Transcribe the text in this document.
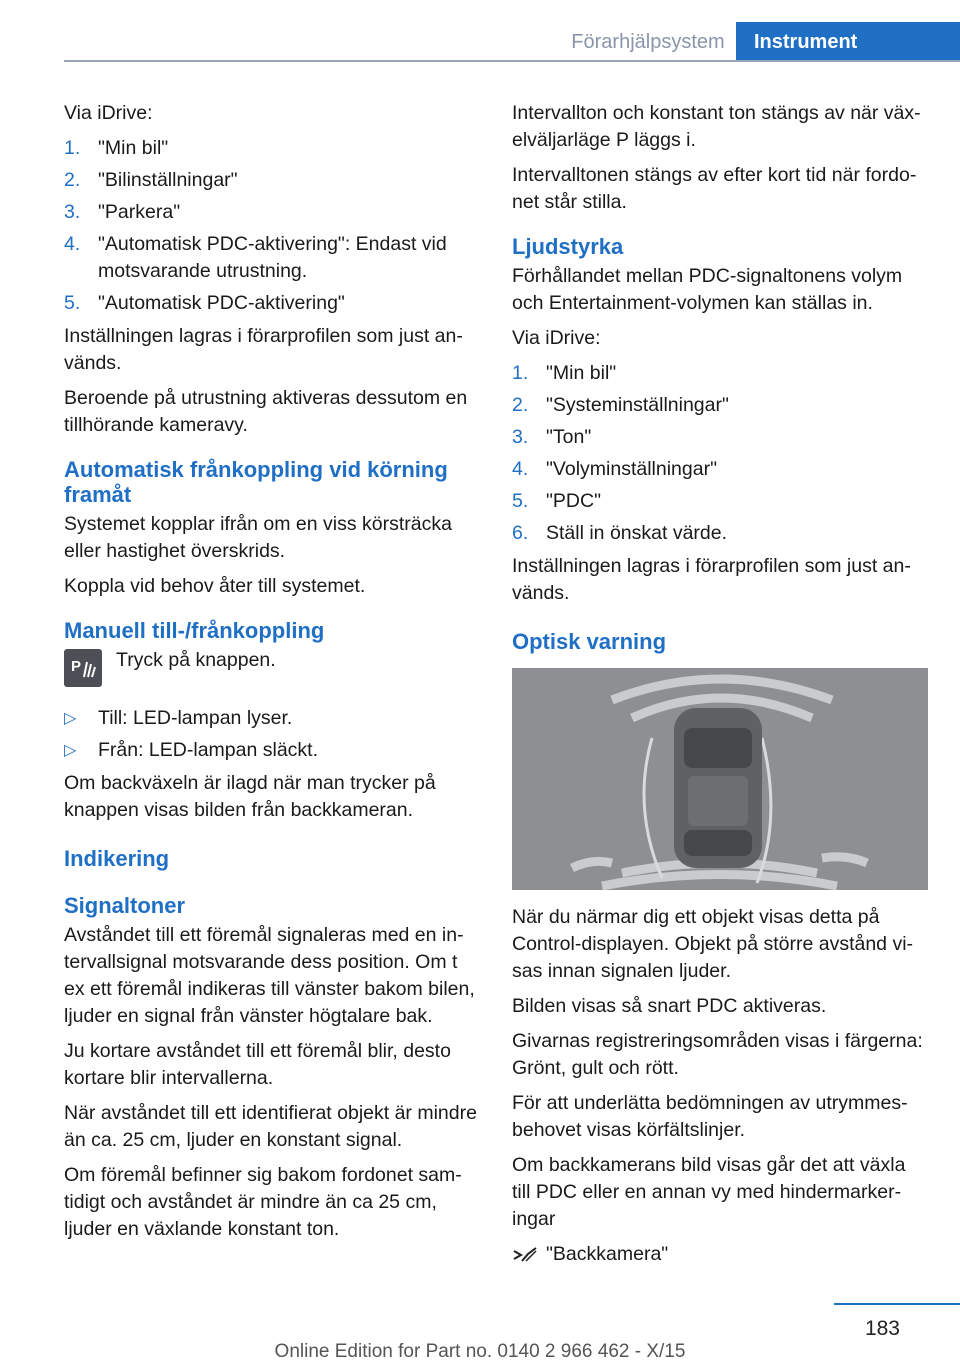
Förarhjälpsystem	Instrument

Via iDrive:

1. "Min bil"
2. "Bilinställningar"
3. "Parkera"
4. "Automatisk PDC-aktivering": Endast vid motsvarande utrustning.
5. "Automatisk PDC-aktivering"

Inställningen lagras i förarprofilen som just används.

Beroende på utrustning aktiveras dessutom en tillhörande kameravy.

Automatisk frånkoppling vid körning framåt

Systemet kopplar ifrån om en viss körsträcka eller hastighet överskrids.

Koppla vid behov åter till systemet.

Manuell till-/frånkoppling
P Tryck på knappen.
▷ Till: LED-lampan lyser.
▷ Från: LED-lampan släckt.

Om backväxeln är ilagd när man trycker på knappen visas bilden från backkameran.

Indikering
Signaltoner

Avståndet till ett föremål signaleras med en intervallsignal motsvarande dess position. Om t ex ett föremål indikeras till vänster bakom bilen, ljuder en signal från vänster högtalare bak.

Ju kortare avståndet till ett föremål blir, desto kortare blir intervallerna.

När avståndet till ett identifierat objekt är mindre än ca. 25 cm, ljuder en konstant signal.

Om föremål befinner sig bakom fordonet samtidigt och avståndet är mindre än ca 25 cm, ljuder en växlande konstant ton.

Intervallton och konstant ton stängs av när växelväljarläge P läggs i.

Intervalltonen stängs av efter kort tid när fordonet står stilla.

Ljudstyrka

Förhållandet mellan PDC-signaltonens volym och Entertainment-volymen kan ställas in.

Via iDrive:

1. "Min bil"
2. "Systeminställningar"
3. "Ton"
4. "Volyminställningar"
5. "PDC"
6. Ställ in önskat värde.

Inställningen lagras i förarprofilen som just används.

Optisk varning

När du närmar dig ett objekt visas detta på Control-displayen. Objekt på större avstånd visas innan signalen ljuder.

Bilden visas så snart PDC aktiveras.

Givarnas registreringsområden visas i färgerna: Grönt, gult och rött.

För att underlätta bedömningen av utrymmesbehovet visas körfältslinjer.

Om backkamerans bild visas går det att växla till PDC eller en annan vy med hindermarkeringar

"Backkamera"
183
Online Edition for Part no. 0140 2 966 462 - X/15
